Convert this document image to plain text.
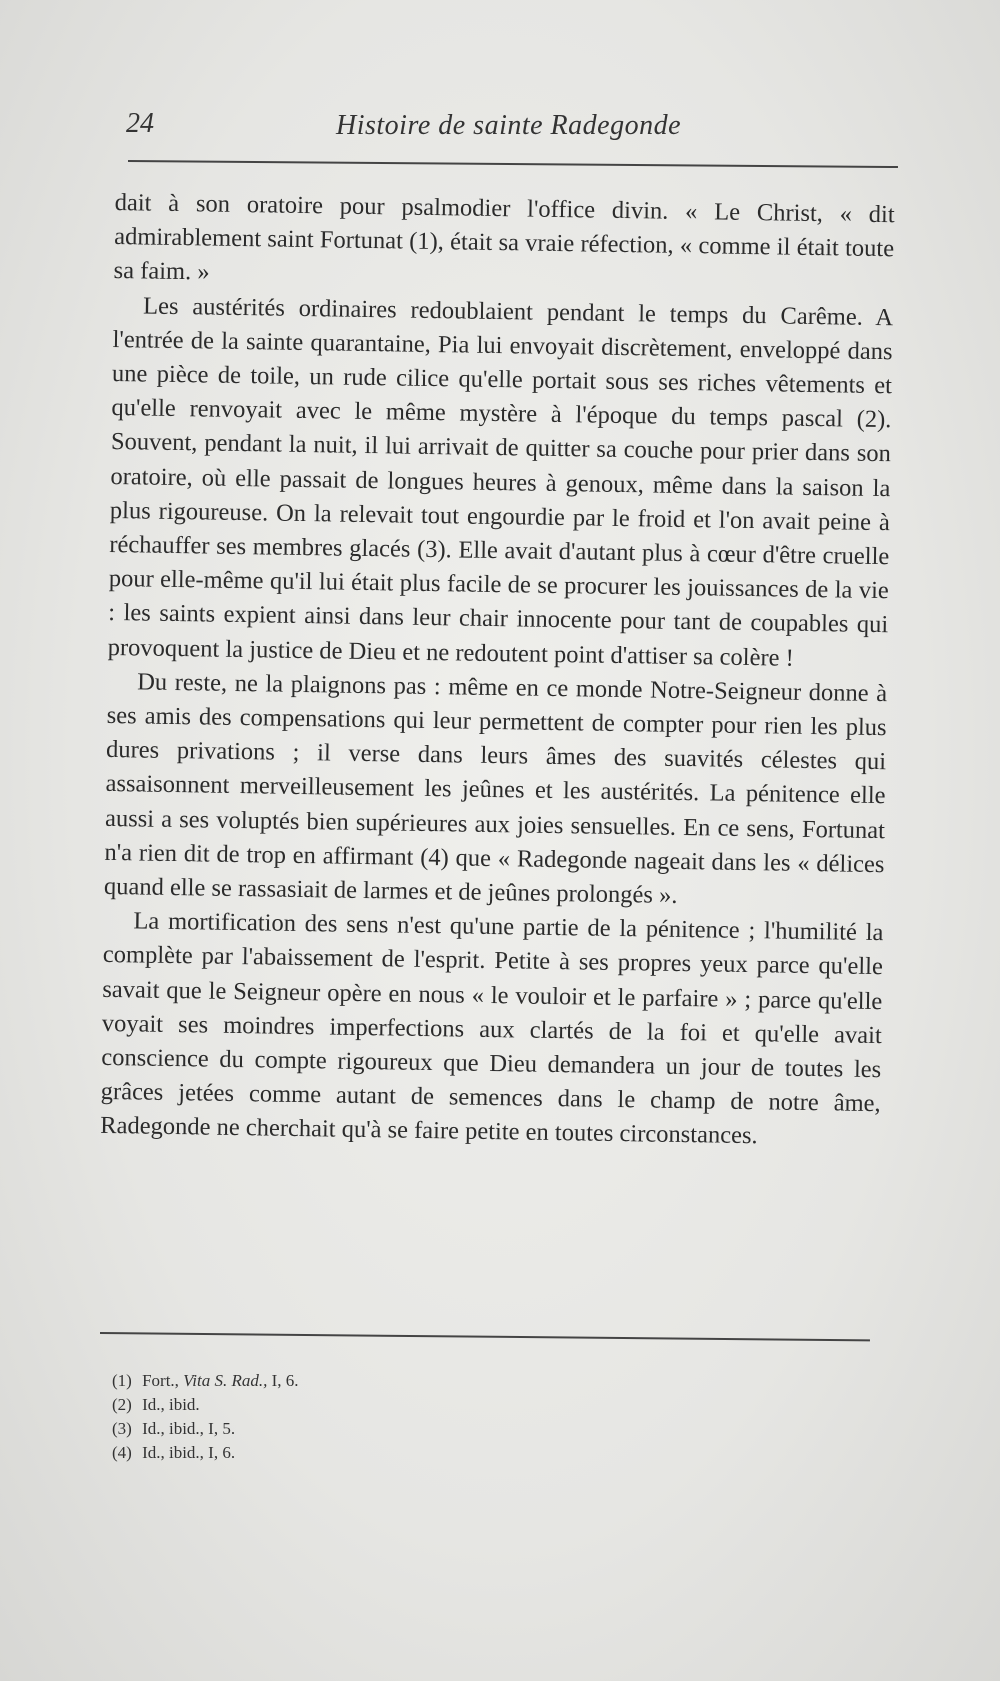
24	Histoire de sainte Radegonde

dait à son oratoire pour psalmodier l'office divin. « Le Christ, « dit admirablement saint Fortunat (1), était sa vraie réfection, « comme il était toute sa faim. »

Les austérités ordinaires redoublaient pendant le temps du Carême. A l'entrée de la sainte quarantaine, Pia lui envoyait discrètement, enveloppé dans une pièce de toile, un rude cilice qu'elle portait sous ses riches vêtements et qu'elle renvoyait avec le même mystère à l'époque du temps pascal (2). Souvent, pendant la nuit, il lui arrivait de quitter sa couche pour prier dans son oratoire, où elle passait de longues heures à genoux, même dans la saison la plus rigoureuse. On la relevait tout engourdie par le froid et l'on avait peine à réchauffer ses membres glacés (3). Elle avait d'autant plus à cœur d'être cruelle pour elle-même qu'il lui était plus facile de se procurer les jouissances de la vie : les saints expient ainsi dans leur chair innocente pour tant de coupables qui provoquent la justice de Dieu et ne redoutent point d'attiser sa colère !

Du reste, ne la plaignons pas : même en ce monde Notre-Seigneur donne à ses amis des compensations qui leur permettent de compter pour rien les plus dures privations ; il verse dans leurs âmes des suavités célestes qui assaisonnent merveilleusement les jeûnes et les austérités. La pénitence elle aussi a ses voluptés bien supérieures aux joies sensuelles. En ce sens, Fortunat n'a rien dit de trop en affirmant (4) que « Radegonde nageait dans les « délices quand elle se rassasiait de larmes et de jeûnes prolongés ».

La mortification des sens n'est qu'une partie de la pénitence ; l'humilité la complète par l'abaissement de l'esprit. Petite à ses propres yeux parce qu'elle savait que le Seigneur opère en nous « le vouloir et le parfaire » ; parce qu'elle voyait ses moindres imperfections aux clartés de la foi et qu'elle avait conscience du compte rigoureux que Dieu demandera un jour de toutes les grâces jetées comme autant de semences dans le champ de notre âme, Radegonde ne cherchait qu'à se faire petite en toutes circonstances.

(1) Fort., Vita S. Rad., I, 6.
(2) Id., ibid.
(3) Id., ibid., I, 5.
(4) Id., ibid., I, 6.
